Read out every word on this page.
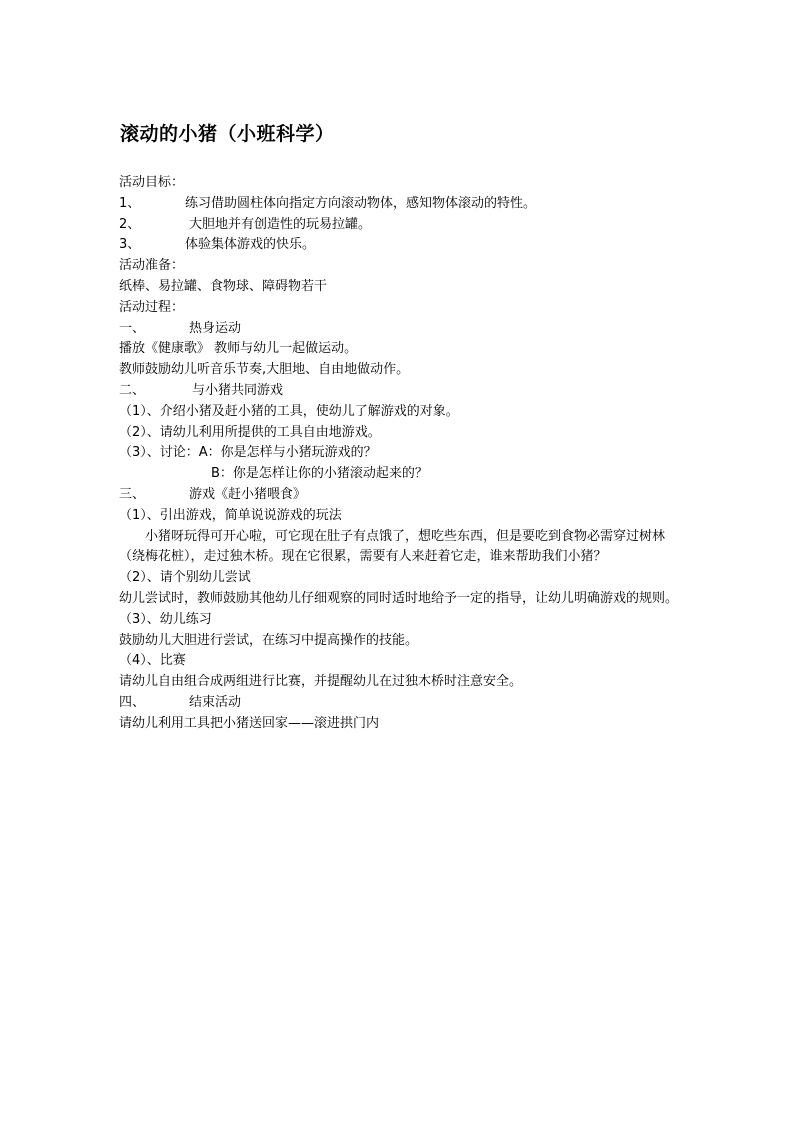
滚动的小猪（小班科学）
活动目标：
1、	练习借助圆柱体向指定方向滚动物体，感知物体滚动的特性。
2、	大胆地并有创造性的玩易拉罐。
3、	体验集体游戏的快乐。
活动准备：
纸棒、易拉罐、食物球、障碍物若干
活动过程：
一、	热身运动
播放《健康歌》 教师与幼儿一起做运动。
教师鼓励幼儿听音乐节奏,大胆地、自由地做动作。
二、	与小猪共同游戏
（1）、介绍小猪及赶小猪的工具，使幼儿了解游戏的对象。
（2）、请幼儿利用所提供的工具自由地游戏。
（3）、讨论：A：你是怎样与小猪玩游戏的？
B：你是怎样让你的小猪滚动起来的？
三、	游戏《赶小猪喂食》
（1）、引出游戏，简单说说游戏的玩法
小猪呀玩得可开心啦，可它现在肚子有点饿了，想吃些东西，但是要吃到食物必需穿过树林（绕梅花桩），走过独木桥。现在它很累，需要有人来赶着它走，谁来帮助我们小猪？
（2）、请个别幼儿尝试
幼儿尝试时，教师鼓励其他幼儿仔细观察的同时适时地给予一定的指导，让幼儿明确游戏的规则。
（3）、幼儿练习
鼓励幼儿大胆进行尝试，在练习中提高操作的技能。
（4）、比赛
请幼儿自由组合成两组进行比赛，并提醒幼儿在过独木桥时注意安全。
四、	结束活动
请幼儿利用工具把小猪送回家——滚进拱门内
